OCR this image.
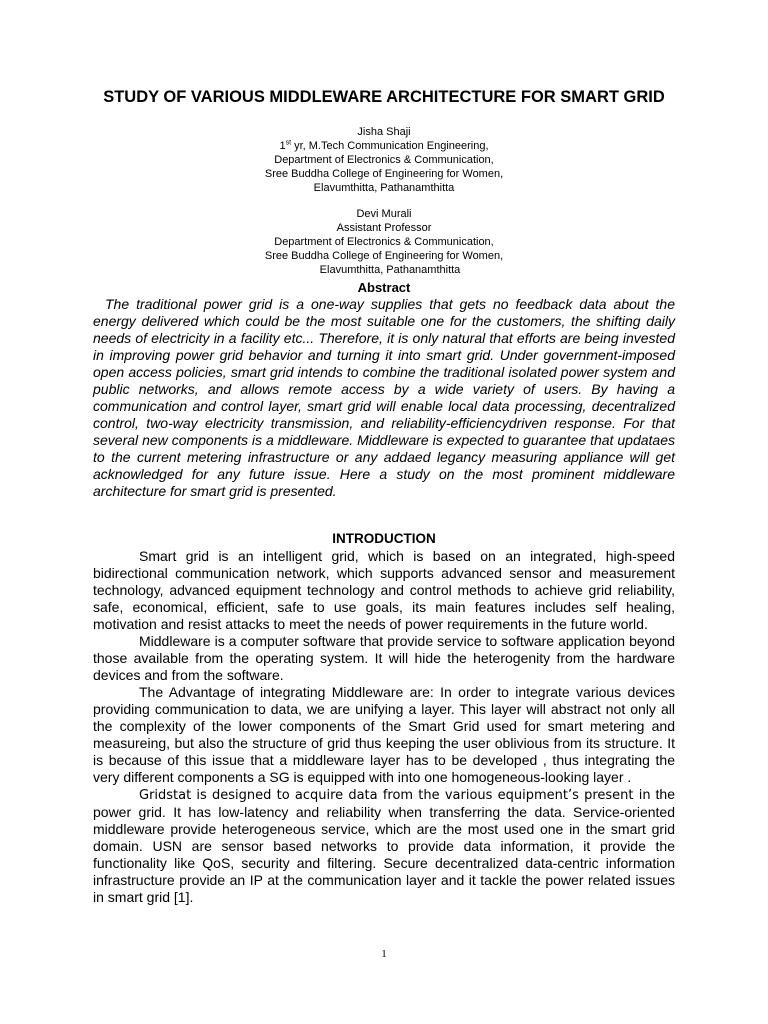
STUDY OF VARIOUS MIDDLEWARE ARCHITECTURE FOR SMART GRID
Jisha Shaji
1st yr, M.Tech Communication Engineering,
Department of Electronics & Communication,
Sree Buddha College of Engineering for Women,
Elavumthitta, Pathanamthitta
Devi Murali
Assistant Professor
Department of Electronics & Communication,
Sree Buddha College of Engineering for Women,
Elavumthitta, Pathanamthitta
Abstract

The traditional power grid is a one-way supplies that gets no feedback data about the energy delivered which could be the most suitable one for the customers, the shifting daily needs of electricity in a facility etc... Therefore, it is only natural that efforts are being invested in improving power grid behavior and turning it into smart grid. Under government-imposed open access policies, smart grid intends to combine the traditional isolated power system and public networks, and allows remote access by a wide variety of users. By having a communication and control layer, smart grid will enable local data processing, decentralized control, two-way electricity transmission, and reliability-efficiencydriven response. For that several new components is a middleware. Middleware is expected to guarantee that updataes to the current metering infrastructure or any addaed legancy measuring appliance will get acknowledged for any future issue. Here a study on the most prominent middleware architecture for smart grid is presented.

INTRODUCTION

Smart grid is an intelligent grid, which is based on an integrated, high-speed bidirectional communication network, which supports advanced sensor and measurement technology, advanced equipment technology and control methods to achieve grid reliability, safe, economical, efficient, safe to use goals, its main features includes self healing, motivation and resist attacks to meet the needs of power requirements in the future world.

Middleware is a computer software that provide service to software application beyond those available from the operating system. It will hide the heterogenity from the hardware devices and from the software.

The Advantage of integrating Middleware are: In order to integrate various devices providing communication to data, we are unifying a layer. This layer will abstract not only all the complexity of the lower components of the Smart Grid used for smart metering and measureing, but also the structure of grid thus keeping the user oblivious from its structure. It is because of this issue that a middleware layer has to be developed , thus integrating the very different components a SG is equipped with into one homogeneous-looking layer .

Gridstat is designed to acquire data from the various equipment’s present in the power grid. It has low-latency and reliability when transferring the data. Service-oriented middleware provide heterogeneous service, which are the most used one in the smart grid domain. USN are sensor based networks to provide data information, it provide the functionality like QoS, security and filtering. Secure decentralized data-centric information infrastructure provide an IP at the communication layer and it tackle the power related issues in smart grid [1].

1
